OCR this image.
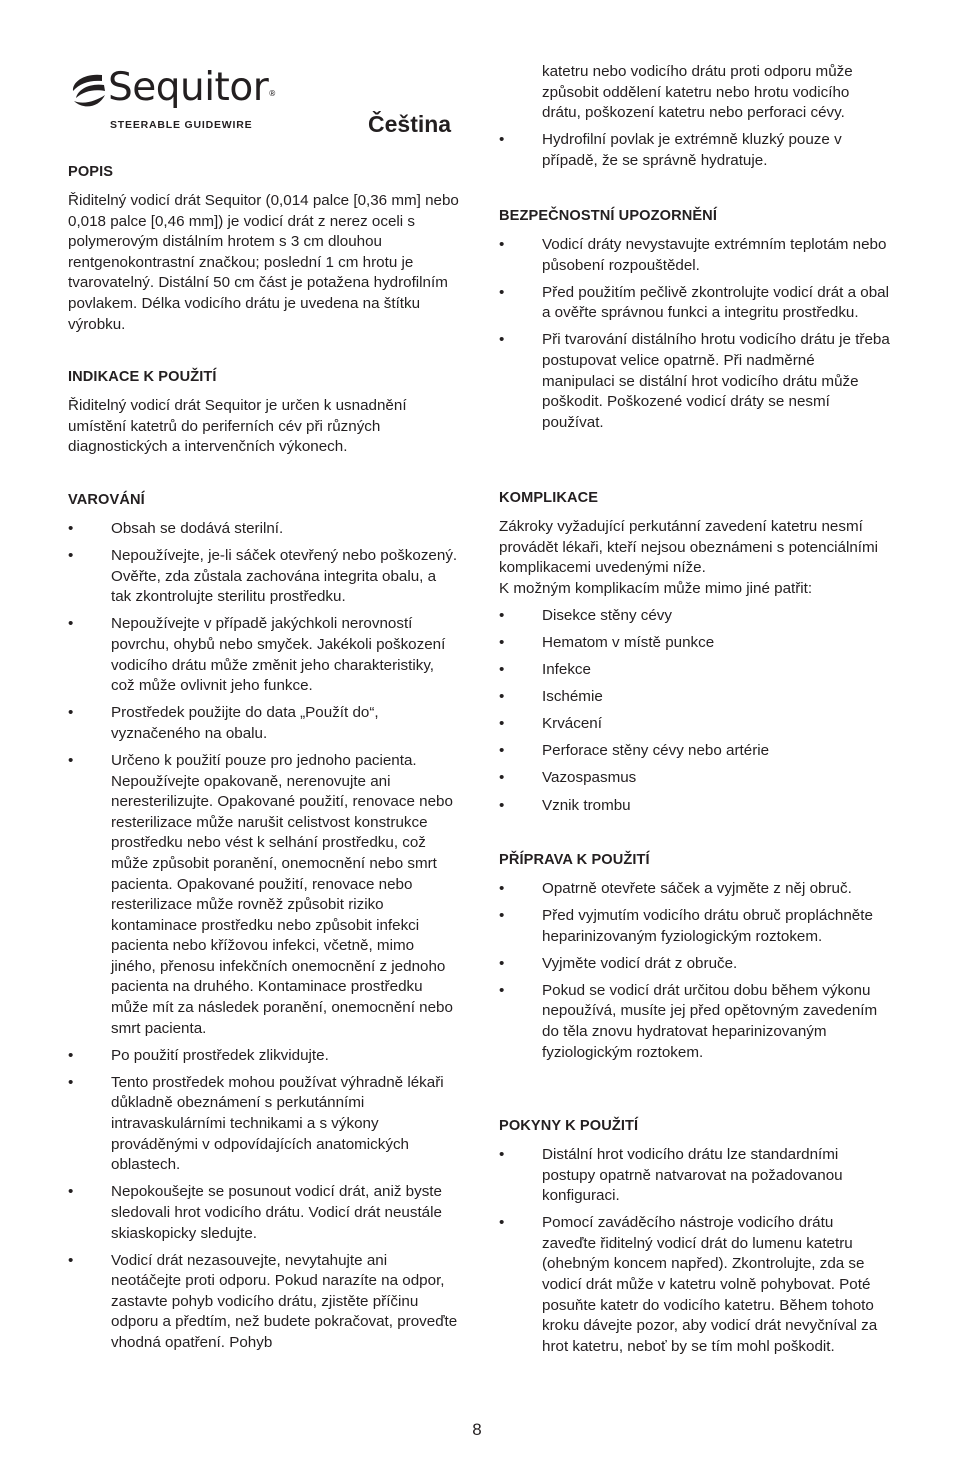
Sequitor®
STEERABLE GUIDEWIRE	Čeština
POPIS

Řiditelný vodicí drát Sequitor (0,014 palce [0,36 mm] nebo 0,018 palce [0,46 mm]) je vodicí drát z nerez oceli s polymerovým distálním hrotem s 3 cm dlouhou rentgenokontrastní značkou; poslední 1 cm hrotu je tvarovatelný. Distální 50 cm část je potažena hydrofilním povlakem. Délka vodicího drátu je uvedena na štítku výrobku.

INDIKACE K POUŽITÍ

Řiditelný vodicí drát Sequitor je určen k usnadnění umístění katetrů do periferních cév při různých diagnostických a intervenčních výkonech.

VAROVÁNÍ
• Obsah se dodává sterilní.
• Nepoužívejte, je-li sáček otevřený nebo poškozený. Ověřte, zda zůstala zachována integrita obalu, a tak zkontrolujte sterilitu prostředku.
• Nepoužívejte v případě jakýchkoli nerovností povrchu, ohybů nebo smyček. Jakékoli poškození vodicího drátu může změnit jeho charakteristiky, což může ovlivnit jeho funkce.
• Prostředek použijte do data „Použít do“, vyznačeného na obalu.
• Určeno k použití pouze pro jednoho pacienta. Nepoužívejte opakovaně, nerenovujte ani neresterilizujte. Opakované použití, renovace nebo resterilizace může narušit celistvost konstrukce prostředku nebo vést k selhání prostředku, což může způsobit poranění, onemocnění nebo smrt pacienta. Opakované použití, renovace nebo resterilizace může rovněž způsobit riziko kontaminace prostředku nebo způsobit infekci pacienta nebo křížovou infekci, včetně, mimo jiného, přenosu infekčních onemocnění z jednoho pacienta na druhého. Kontaminace prostředku může mít za následek poranění, onemocnění nebo smrt pacienta.
• Po použití prostředek zlikvidujte.
• Tento prostředek mohou používat výhradně lékaři důkladně obeznámení s perkutánními intravaskulárními technikami a s výkony prováděnými v odpovídajících anatomických oblastech.
• Nepokoušejte se posunout vodicí drát, aniž byste sledovali hrot vodicího drátu. Vodicí drát neustále skiaskopicky sledujte.
• Vodicí drát nezasouvejte, nevytahujte ani neotáčejte proti odporu. Pokud narazíte na odpor, zastavte pohyb vodicího drátu, zjistěte příčinu odporu a předtím, než budete pokračovat, proveďte vhodná opatření. Pohyb

katetru nebo vodicího drátu proti odporu může způsobit oddělení katetru nebo hrotu vodicího drátu, poškození katetru nebo perforaci cévy.

• Hydrofilní povlak je extrémně kluzký pouze v případě, že se správně hydratuje.
BEZPEČNOSTNÍ UPOZORNĚNÍ
• Vodicí dráty nevystavujte extrémním teplotám nebo působení rozpouštědel.
• Před použitím pečlivě zkontrolujte vodicí drát a obal a ověřte správnou funkci a integritu prostředku.
• Při tvarování distálního hrotu vodicího drátu je třeba postupovat velice opatrně. Při nadměrné manipulaci se distální hrot vodicího drátu může poškodit. Poškozené vodicí dráty se nesmí používat.
KOMPLIKACE

Zákroky vyžadující perkutánní zavedení katetru nesmí provádět lékaři, kteří nejsou obeznámeni s potenciálními komplikacemi uvedenými níže.

K možným komplikacím může mimo jiné patřit:

• Disekce stěny cévy
• Hematom v místě punkce
• Infekce
• Ischémie
• Krvácení
• Perforace stěny cévy nebo artérie
• Vazospasmus
• Vznik trombu
PŘÍPRAVA K POUŽITÍ
• Opatrně otevřete sáček a vyjměte z něj obruč.
• Před vyjmutím vodicího drátu obruč propláchněte heparinizovaným fyziologickým roztokem.
• Vyjměte vodicí drát z obruče.
• Pokud se vodicí drát určitou dobu během výkonu nepoužívá, musíte jej před opětovným zavedením do těla znovu hydratovat heparinizovaným fyziologickým roztokem.
POKYNY K POUŽITÍ
• Distální hrot vodicího drátu lze standardními postupy opatrně natvarovat na požadovanou konfiguraci.
• Pomocí zaváděcího nástroje vodicího drátu zaveďte řiditelný vodicí drát do lumenu katetru (ohebným koncem napřed). Zkontrolujte, zda se vodicí drát může v katetru volně pohybovat. Poté posuňte katetr do vodicího katetru. Během tohoto kroku dávejte pozor, aby vodicí drát nevyčníval za hrot katetru, neboť by se tím mohl poškodit.
8
